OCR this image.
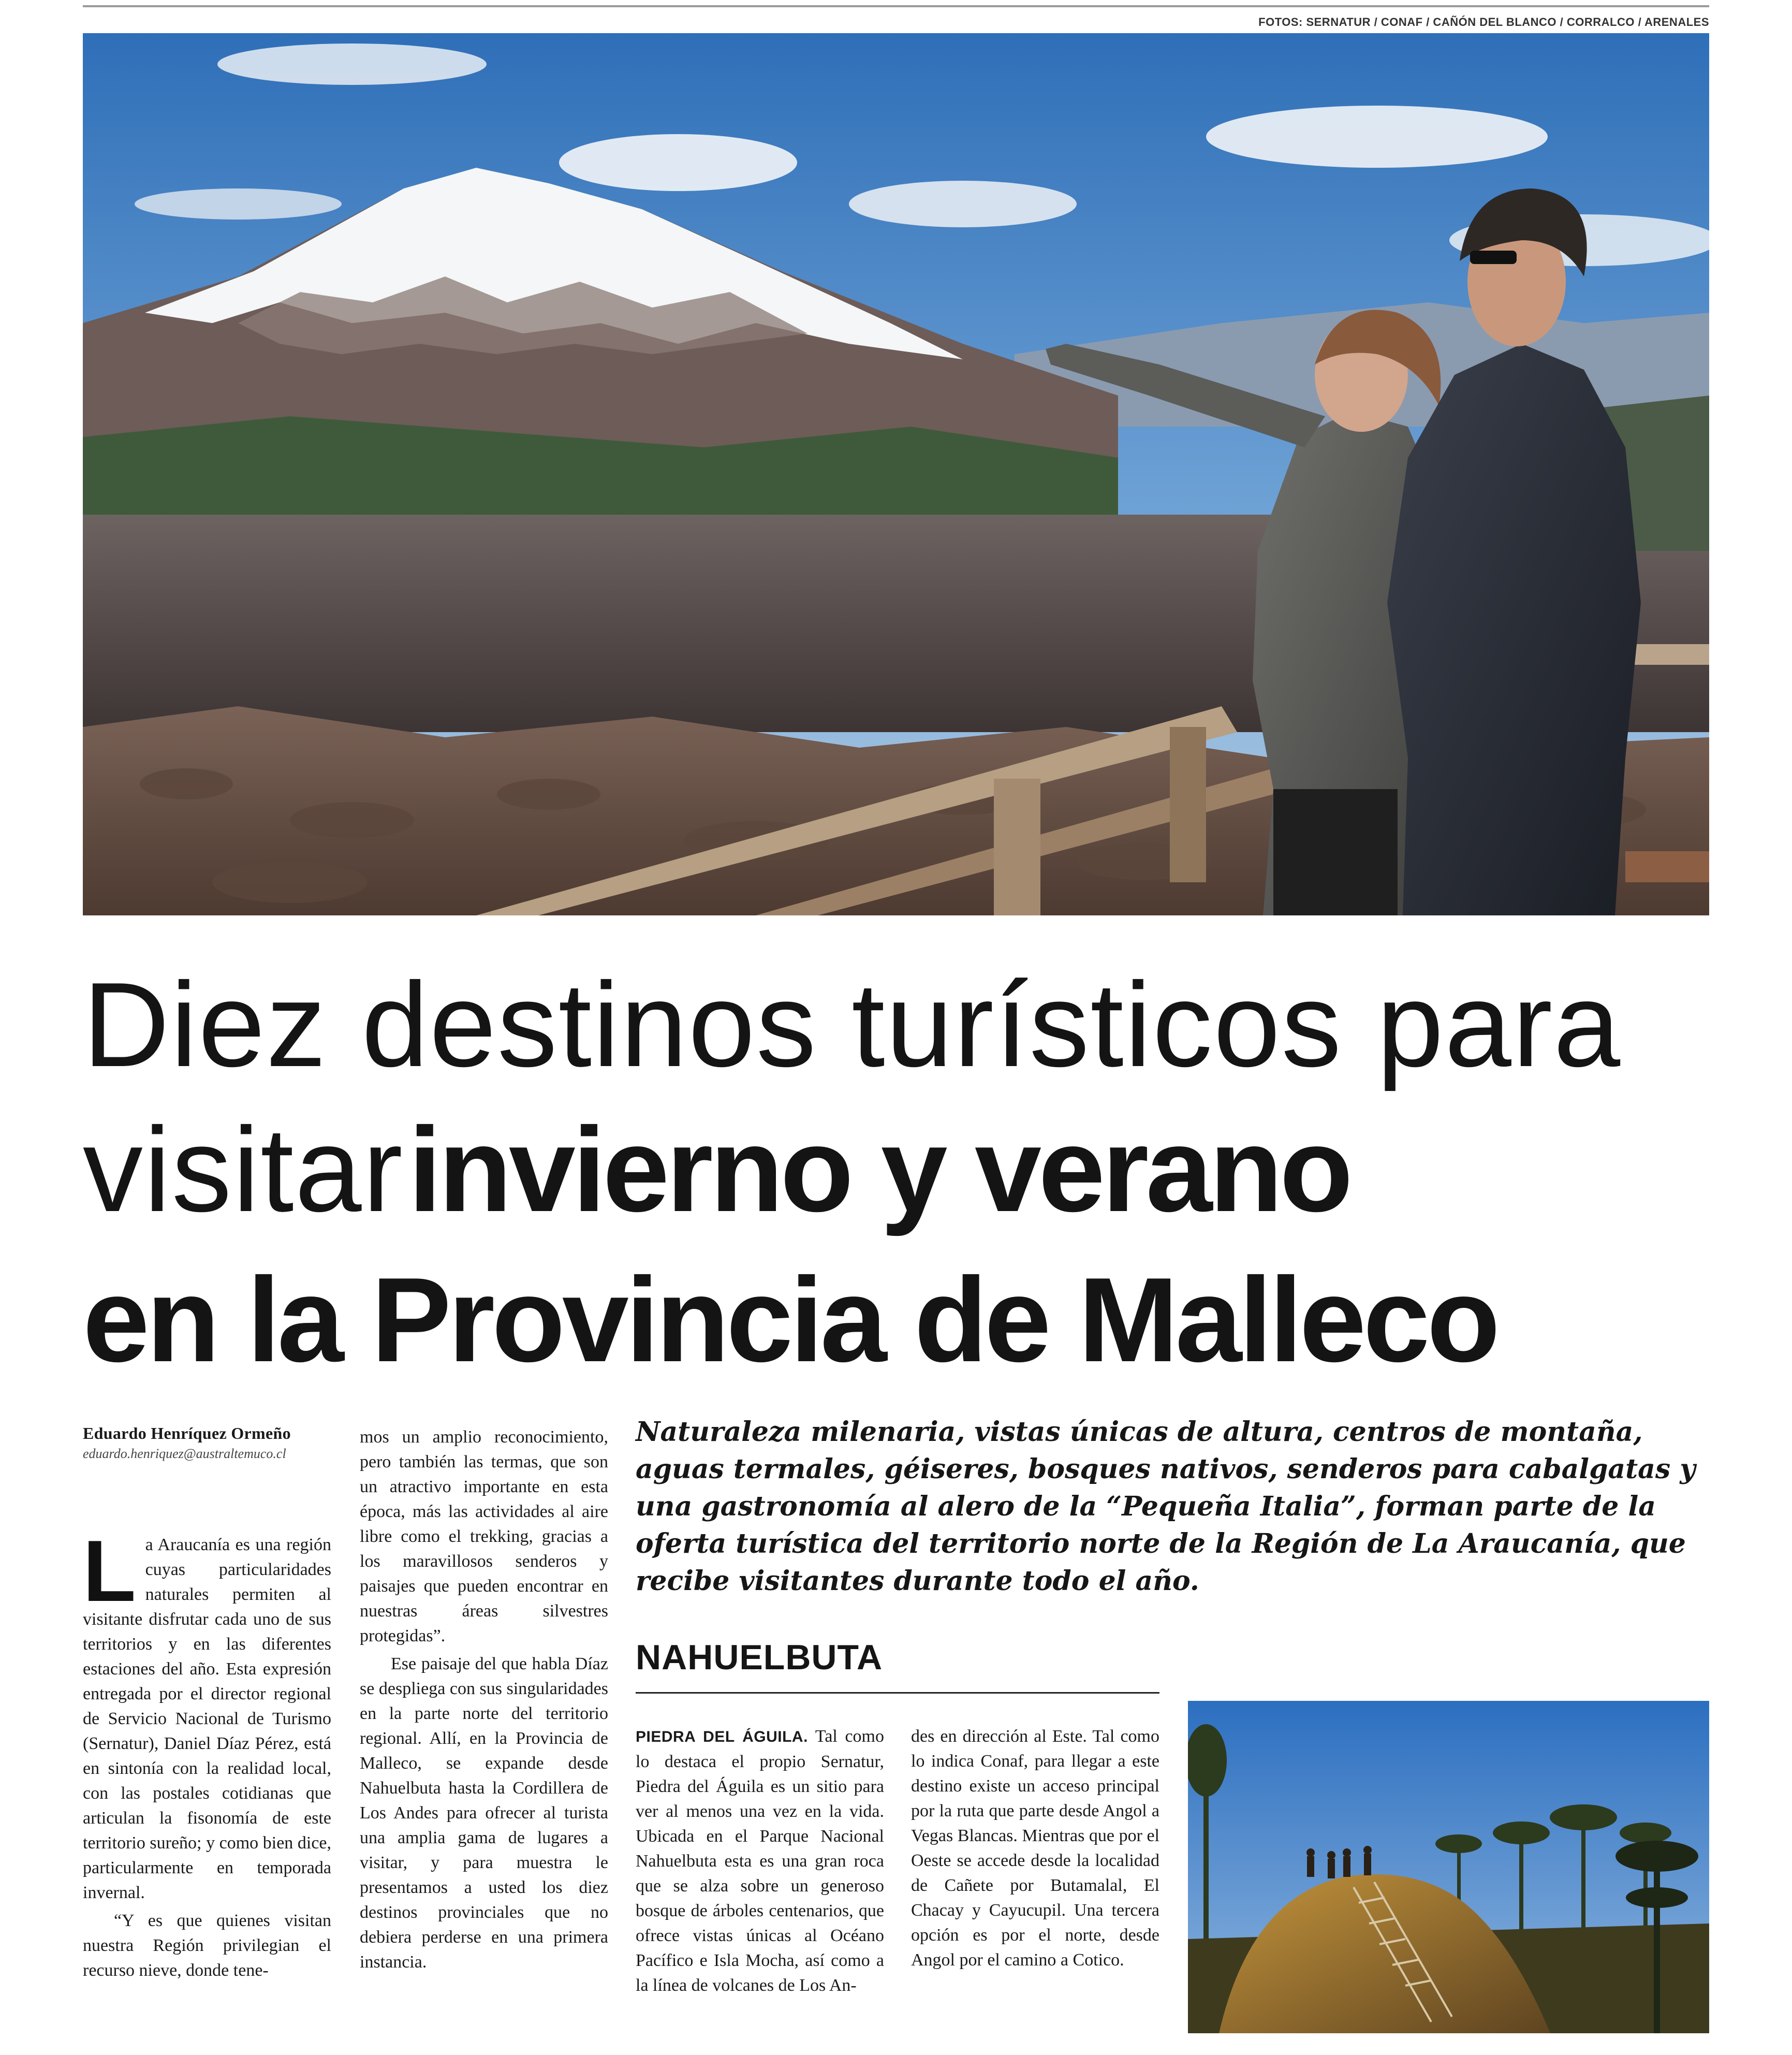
FOTOS: SERNATUR / CONAF / CAÑÓN DEL BLANCO / CORRALCO / ARENALES
Diez destinos turísticos para
visitar  invierno y verano
en la Provincia de Malleco
Eduardo Henríquez Ormeño
eduardo.henriquez@australtemuco.cl

La Araucanía es una región cuyas particularidades naturales permiten al visitante disfrutar cada uno de sus territorios y en las diferentes estaciones del año. Esta expresión entregada por el director regional de Servicio Nacional de Turismo (Sernatur), Daniel Díaz Pérez, está en sintonía con la realidad local, con las postales cotidianas que articulan la fisonomía de este territorio sureño; y como bien dice, particularmente en temporada invernal.

“Y es que quienes visitan nuestra Región privilegian el recurso nieve, donde tene-

mos un amplio reconocimiento, pero también las termas, que son un atractivo importante en esta época, más las actividades al aire libre como el trekking, gracias a los maravillosos senderos y paisajes que pueden encontrar en nuestras áreas silvestres protegidas”.

Ese paisaje del que habla Díaz se despliega con sus singularidades en la parte norte del territorio regional. Allí, en la Provincia de Malleco, se expande desde Nahuelbuta hasta la Cordillera de Los Andes para ofrecer al turista una amplia gama de lugares a visitar, y para muestra le presentamos a usted los diez destinos provinciales que no debiera perderse en una primera instancia.

Naturaleza milenaria, vistas únicas de altura, centros de montaña, aguas termales, géiseres, bosques nativos, senderos para cabalgatas y una gastronomía al alero de la “Pequeña Italia”, forman parte de la oferta turística del territorio norte de la Región de La Araucanía, que recibe visitantes durante todo el año.
NAHUELBUTA

PIEDRA DEL ÁGUILA. Tal como lo destaca el propio Sernatur, Piedra del Águila es un sitio para ver al menos una vez en la vida. Ubicada en el Parque Nacional Nahuelbuta esta es una gran roca que se alza sobre un generoso bosque de árboles centenarios, que ofrece vistas únicas al Océano Pacífico e Isla Mocha, así como a la línea de volcanes de Los An-

des en dirección al Este. Tal como lo indica Conaf, para llegar a este destino existe un acceso principal por la ruta que parte desde Angol a Vegas Blancas. Mientras que por el Oeste se accede desde la localidad de Cañete por Butamalal, El Chacay y Cayucupil. Una tercera opción es por el norte, desde Angol por el camino a Cotico.
